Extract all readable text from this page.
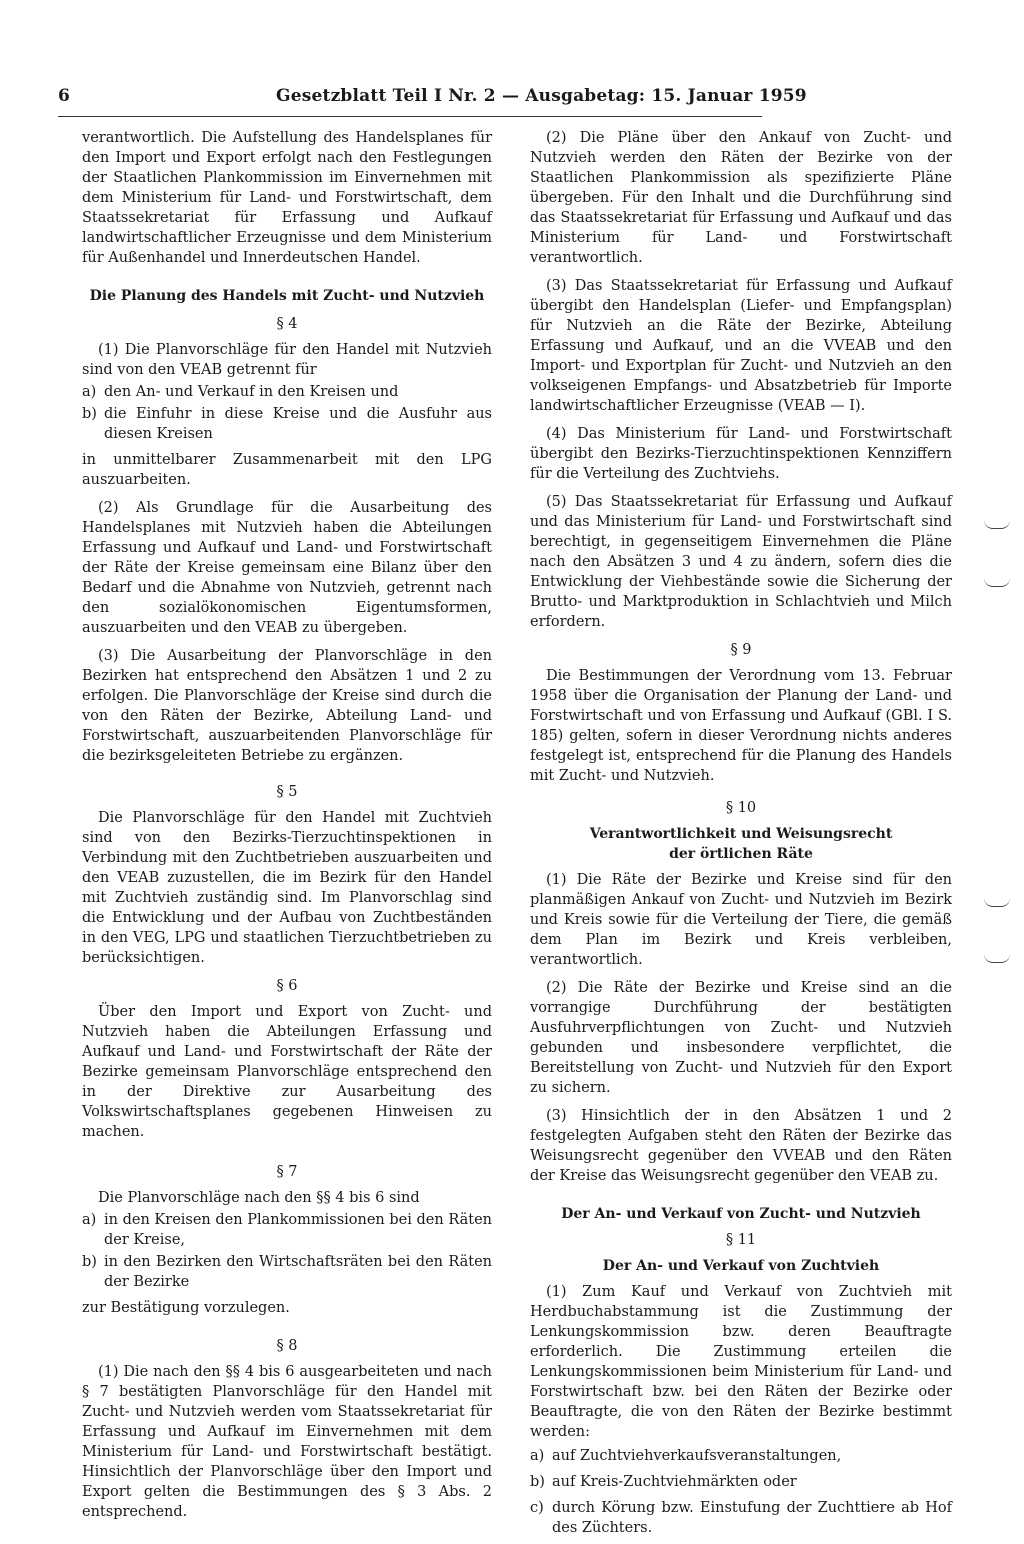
6	Gesetzblatt Teil I Nr. 2 — Ausgabetag: 15. Januar 1959

verantwortlich. Die Aufstellung des Handelsplanes für den Import und Export erfolgt nach den Festlegungen der Staatlichen Plankommission im Einvernehmen mit dem Ministerium für Land- und Forstwirtschaft, dem Staatssekretariat für Erfassung und Aufkauf landwirtschaftlicher Erzeugnisse und dem Ministerium für Außenhandel und Innerdeutschen Handel.

Die Planung des Handels mit Zucht- und Nutzvieh
§ 4

(1) Die Planvorschläge für den Handel mit Nutzvieh sind von den VEAB getrennt für

a) den An- und Verkauf in den Kreisen und
b) die Einfuhr in diese Kreise und die Ausfuhr aus diesen Kreisen

in unmittelbarer Zusammenarbeit mit den LPG auszuarbeiten.

(2) Als Grundlage für die Ausarbeitung des Handelsplanes mit Nutzvieh haben die Abteilungen Erfassung und Aufkauf und Land- und Forstwirtschaft der Räte der Kreise gemeinsam eine Bilanz über den Bedarf und die Abnahme von Nutzvieh, getrennt nach den sozialökonomischen Eigentumsformen, auszuarbeiten und den VEAB zu übergeben.

(3) Die Ausarbeitung der Planvorschläge in den Bezirken hat entsprechend den Absätzen 1 und 2 zu erfolgen. Die Planvorschläge der Kreise sind durch die von den Räten der Bezirke, Abteilung Land- und Forstwirtschaft, auszuarbeitenden Planvorschläge für die bezirksgeleiteten Betriebe zu ergänzen.

§ 5

Die Planvorschläge für den Handel mit Zuchtvieh sind von den Bezirks-Tierzuchtinspektionen in Verbindung mit den Zuchtbetrieben auszuarbeiten und den VEAB zuzustellen, die im Bezirk für den Handel mit Zuchtvieh zuständig sind. Im Planvorschlag sind die Entwicklung und der Aufbau von Zuchtbeständen in den VEG, LPG und staatlichen Tierzuchtbetrieben zu berücksichtigen.

§ 6

Über den Import und Export von Zucht- und Nutzvieh haben die Abteilungen Erfassung und Aufkauf und Land- und Forstwirtschaft der Räte der Bezirke gemeinsam Planvorschläge entsprechend den in der Direktive zur Ausarbeitung des Volkswirtschaftsplanes gegebenen Hinweisen zu machen.

§ 7

Die Planvorschläge nach den §§ 4 bis 6 sind

a) in den Kreisen den Plankommissionen bei den Räten der Kreise,
b) in den Bezirken den Wirtschaftsräten bei den Räten der Bezirke

zur Bestätigung vorzulegen.

§ 8

(1) Die nach den §§ 4 bis 6 ausgearbeiteten und nach § 7 bestätigten Planvorschläge für den Handel mit Zucht- und Nutzvieh werden vom Staatssekretariat für Erfassung und Aufkauf im Einvernehmen mit dem Ministerium für Land- und Forstwirtschaft bestätigt. Hinsichtlich der Planvorschläge über den Import und Export gelten die Bestimmungen des § 3 Abs. 2 entsprechend.

(2) Die Pläne über den Ankauf von Zucht- und Nutzvieh werden den Räten der Bezirke von der Staatlichen Plankommission als spezifizierte Pläne übergeben. Für den Inhalt und die Durchführung sind das Staatssekretariat für Erfassung und Aufkauf und das Ministerium für Land- und Forstwirtschaft verantwortlich.

(3) Das Staatssekretariat für Erfassung und Aufkauf übergibt den Handelsplan (Liefer- und Empfangsplan) für Nutzvieh an die Räte der Bezirke, Abteilung Erfassung und Aufkauf, und an die VVEAB und den Import- und Exportplan für Zucht- und Nutzvieh an den volkseigenen Empfangs- und Absatzbetrieb für Importe landwirtschaftlicher Erzeugnisse (VEAB — I).

(4) Das Ministerium für Land- und Forstwirtschaft übergibt den Bezirks-Tierzuchtinspektionen Kennziffern für die Verteilung des Zuchtviehs.

(5) Das Staatssekretariat für Erfassung und Aufkauf und das Ministerium für Land- und Forstwirtschaft sind berechtigt, in gegenseitigem Einvernehmen die Pläne nach den Absätzen 3 und 4 zu ändern, sofern dies die Entwicklung der Viehbestände sowie die Sicherung der Brutto- und Marktproduktion in Schlachtvieh und Milch erfordern.

§ 9

Die Bestimmungen der Verordnung vom 13. Februar 1958 über die Organisation der Planung der Land- und Forstwirtschaft und von Erfassung und Aufkauf (GBl. I S. 185) gelten, sofern in dieser Verordnung nichts anderes festgelegt ist, entsprechend für die Planung des Handels mit Zucht- und Nutzvieh.

§ 10
Verantwortlichkeit und Weisungsrecht
der örtlichen Räte

(1) Die Räte der Bezirke und Kreise sind für den planmäßigen Ankauf von Zucht- und Nutzvieh im Bezirk und Kreis sowie für die Verteilung der Tiere, die gemäß dem Plan im Bezirk und Kreis verbleiben, verantwortlich.

(2) Die Räte der Bezirke und Kreise sind an die vorrangige Durchführung der bestätigten Ausfuhrverpflichtungen von Zucht- und Nutzvieh gebunden und insbesondere verpflichtet, die Bereitstellung von Zucht- und Nutzvieh für den Export zu sichern.

(3) Hinsichtlich der in den Absätzen 1 und 2 festgelegten Aufgaben steht den Räten der Bezirke das Weisungsrecht gegenüber den VVEAB und den Räten der Kreise das Weisungsrecht gegenüber den VEAB zu.

Der An- und Verkauf von Zucht- und Nutzvieh
§ 11
Der An- und Verkauf von Zuchtvieh

(1) Zum Kauf und Verkauf von Zuchtvieh mit Herdbuchabstammung ist die Zustimmung der Lenkungskommission bzw. deren Beauftragte erforderlich. Die Zustimmung erteilen die Lenkungskommissionen beim Ministerium für Land- und Forstwirtschaft bzw. bei den Räten der Bezirke oder Beauftragte, die von den Räten der Bezirke bestimmt werden:

a) auf Zuchtviehverkaufsveranstaltungen,
b) auf Kreis-Zuchtviehmärkten oder
c) durch Körung bzw. Einstufung der Zuchttiere ab Hof des Züchters.
